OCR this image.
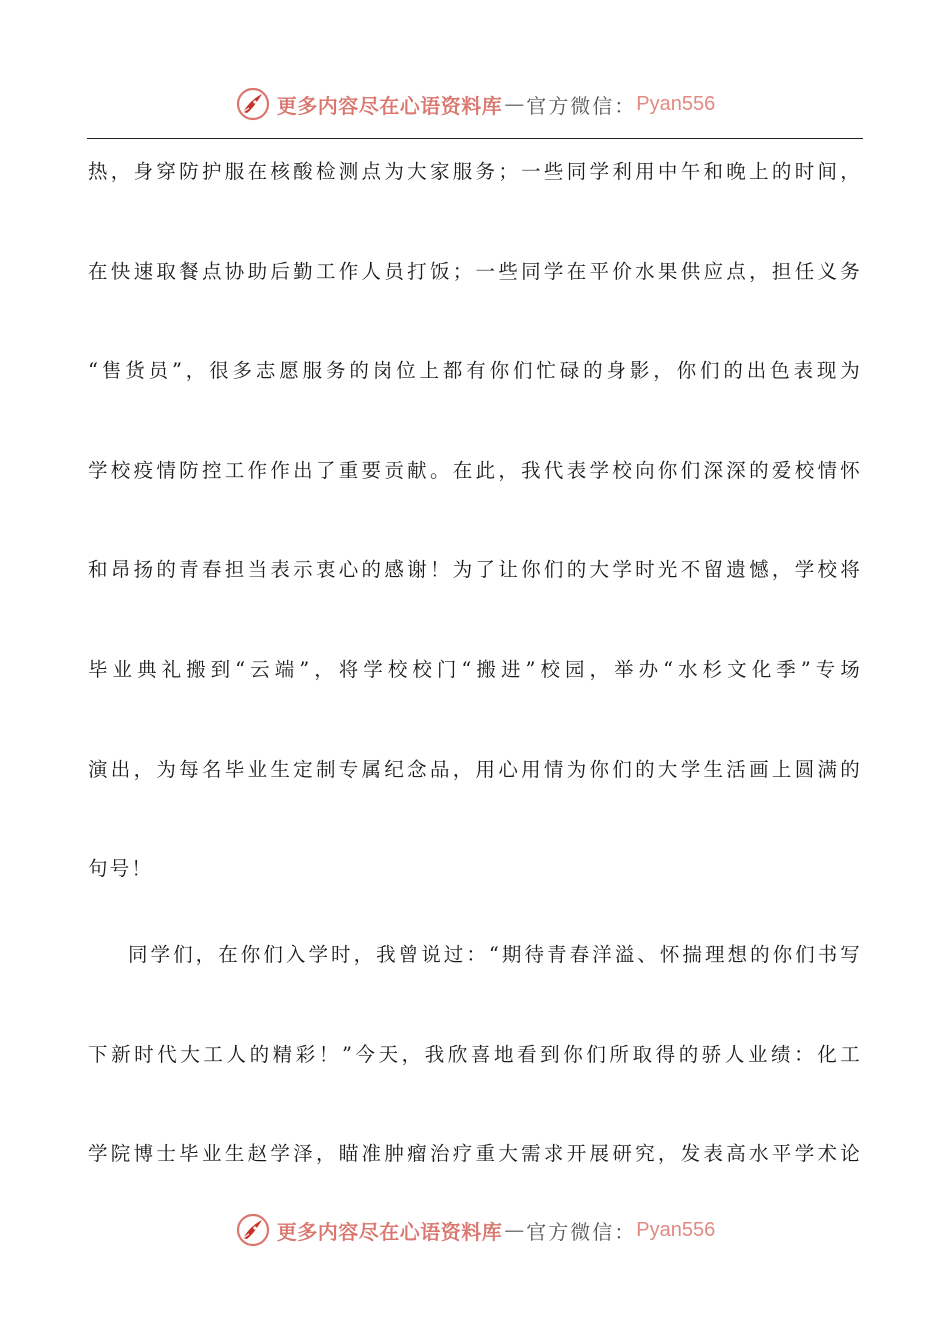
更多内容尽在心语资料库 — 官方微信： Pyan556
热，身穿防护服在核酸检测点为大家服务；一些同学利用中午和晚上的时间，
在快速取餐点协助后勤工作人员打饭；一些同学在平价水果供应点，担任义务
“售货员”，很多志愿服务的岗位上都有你们忙碌的身影，你们的出色表现为
学校疫情防控工作作出了重要贡献。在此，我代表学校向你们深深的爱校情怀
和昂扬的青春担当表示衷心的感谢！为了让你们的大学时光不留遗憾，学校将
毕业典礼搬到“云端”，将学校校门“搬进”校园，举办“水杉文化季”专场
演出，为每名毕业生定制专属纪念品，用心用情为你们的大学生活画上圆满的
句号！
同学们，在你们入学时，我曾说过：“期待青春洋溢、怀揣理想的你们书写
下新时代大工人的精彩！”今天，我欣喜地看到你们所取得的骄人业绩：化工
学院博士毕业生赵学泽，瞄准肿瘤治疗重大需求开展研究，发表高水平学术论
更多内容尽在心语资料库 — 官方微信： Pyan556
